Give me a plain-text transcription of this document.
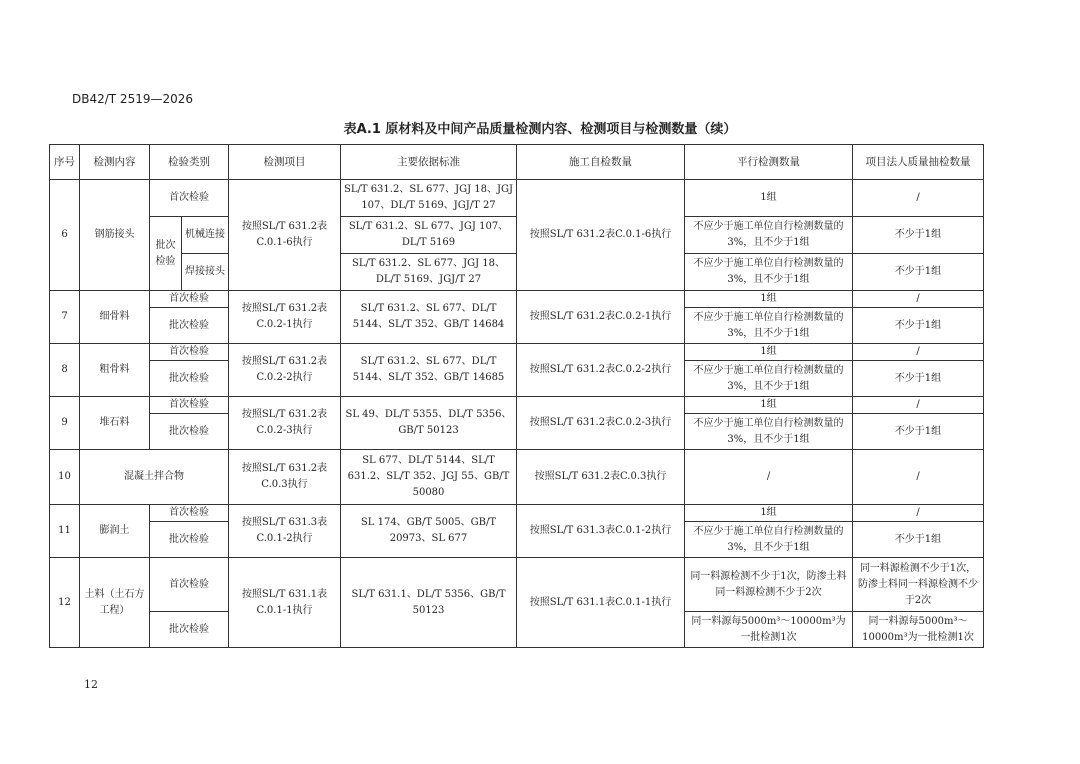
DB42/T 2519—2026
表A.1 原材料及中间产品质量检测内容、检测项目与检测数量（续）
序号	检测内容	检验类别		检测项目	主要依据标准	施工自检数量	平行检测数量	项目法人质量抽检数量
6	钢筋接头	首次检验		按照SL/T 631.2表C.0.1-6执行	SL/T 631.2、SL 677、JGJ 18、JGJ 107、DL/T 5169、JGJ/T 27	按照SL/T 631.2表C.0.1-6执行	1组	/
		批次检验	机械连接		SL/T 631.2、SL 677、JGJ 107、DL/T 5169		不应少于施工单位自行检测数量的3%，且不少于1组	不少于1组
			焊接接头		SL/T 631.2、SL 677、JGJ 18、DL/T 5169、JGJ/T 27		不应少于施工单位自行检测数量的3%，且不少于1组	不少于1组
7	细骨料	首次检验		按照SL/T 631.2表C.0.2-1执行	SL/T 631.2、SL 677、DL/T 5144、SL/T 352、GB/T 14684	按照SL/T 631.2表C.0.2-1执行	1组	/
		批次检验					不应少于施工单位自行检测数量的3%，且不少于1组	不少于1组
8	粗骨料	首次检验		按照SL/T 631.2表C.0.2-2执行	SL/T 631.2、SL 677、DL/T 5144、SL/T 352、GB/T 14685	按照SL/T 631.2表C.0.2-2执行	1组	/
		批次检验					不应少于施工单位自行检测数量的3%，且不少于1组	不少于1组
9	堆石料	首次检验		按照SL/T 631.2表C.0.2-3执行	SL 49、DL/T 5355、DL/T 5356、GB/T 50123	按照SL/T 631.2表C.0.2-3执行	1组	/
		批次检验					不应少于施工单位自行检测数量的3%，且不少于1组	不少于1组
10	混凝土拌合物			按照SL/T 631.2表C.0.3执行	SL 677、DL/T 5144、SL/T 631.2、SL/T 352、JGJ 55、GB/T 50080	按照SL/T 631.2表C.0.3执行	/	/
11	膨润土	首次检验		按照SL/T 631.3表C.0.1-2执行	SL 174、GB/T 5005、GB/T 20973、SL 677	按照SL/T 631.3表C.0.1-2执行	1组	/
		批次检验					不应少于施工单位自行检测数量的3%，且不少于1组	不少于1组
12	土料（土石方工程）	首次检验		按照SL/T 631.1表C.0.1-1执行	SL/T 631.1、DL/T 5356、GB/T 50123	按照SL/T 631.1表C.0.1-1执行	同一料源检测不少于1次，防渗土料同一料源检测不少于2次	同一料源检测不少于1次，防渗土料同一料源检测不少于2次
		批次检验					同一料源每5000m³～10000m³为一批检测1次	同一料源每5000m³～10000m³为一批检测1次
12
